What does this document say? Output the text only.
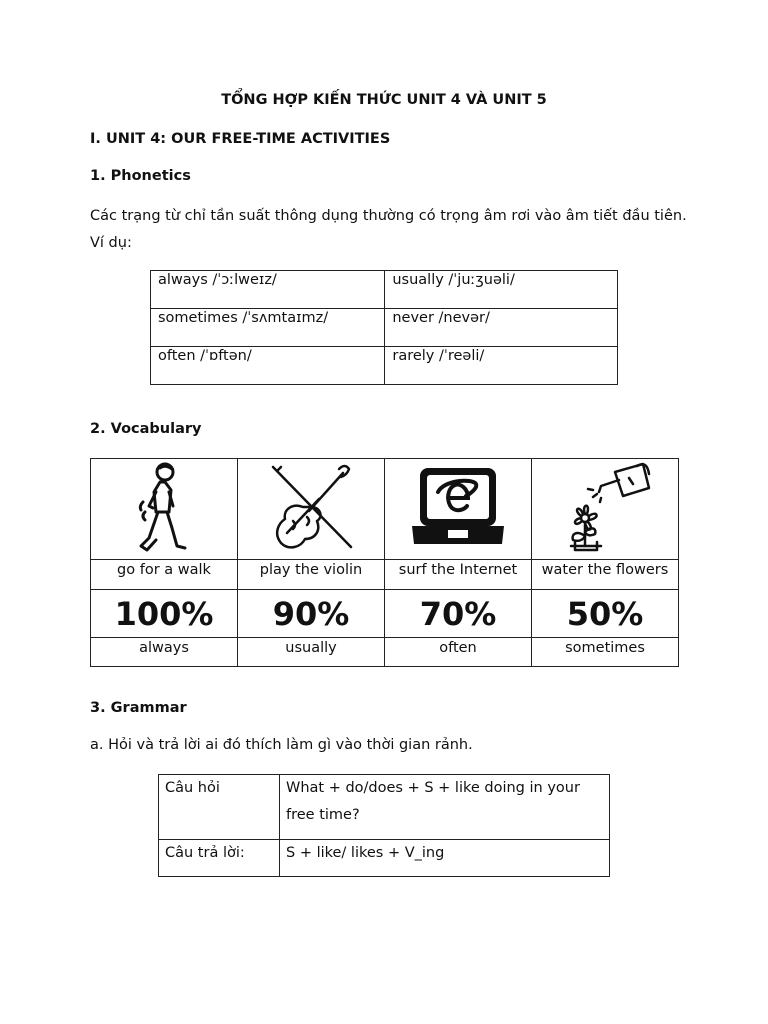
TỔNG HỢP KIẾN THỨC UNIT 4 VÀ UNIT 5
I. UNIT 4: OUR FREE-TIME ACTIVITIES
1. Phonetics
Các trạng từ chỉ tần suất thông dụng thường có trọng âm rơi vào âm tiết đầu tiên. Ví dụ:
always /ˈɔːlweɪz/	usually /ˈjuːʒuəli/

sometimes /ˈsʌmtaɪmz/	never /nevər/

often /ˈɒftən/	rarely /ˈreəli/
2. Vocabulary

go for a walk	play the violin	surf the Internet	water the flowers
100%	90%	70%	50%
always	usually	often	sometimes
3. Grammar
a. Hỏi và trả lời ai đó thích làm gì vào thời gian rảnh.
Câu hỏi	What + do/does + S + like doing in your free time?
Câu trả lời:	S + like/ likes + V_ing
